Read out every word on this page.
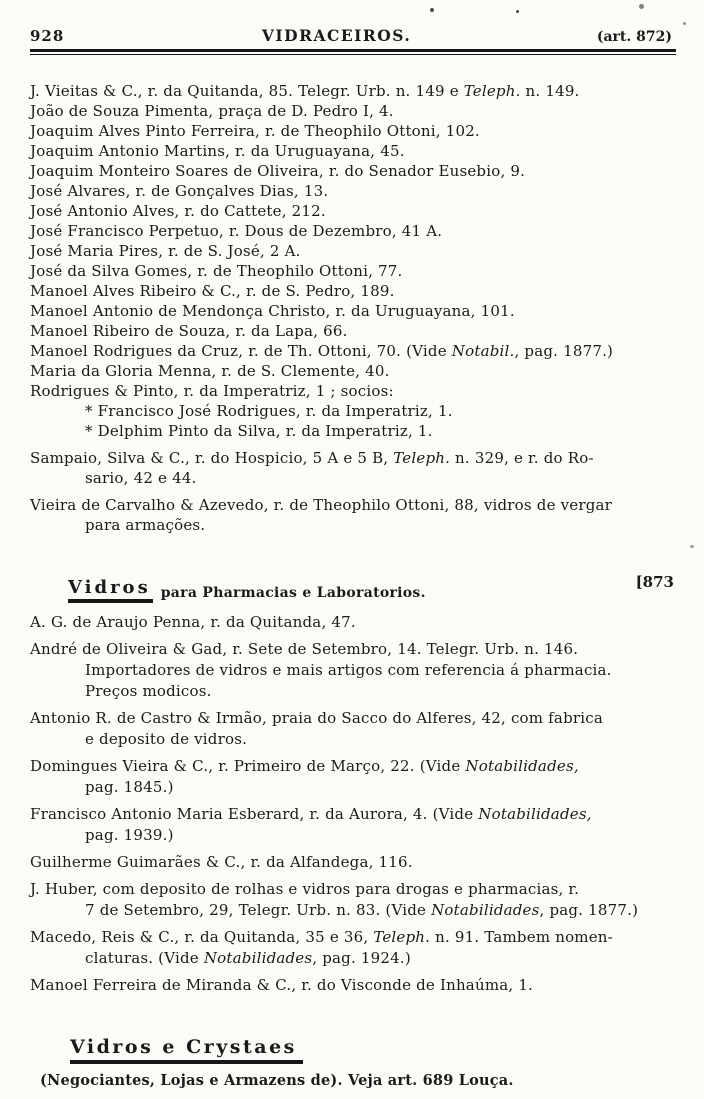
928	VIDRACEIROS.	(art. 872)

J. Vieitas & C., r. da Quitanda, 85. Telegr. Urb. n. 149 e Teleph. n. 149.

João de Souza Pimenta, praça de D. Pedro I, 4.

Joaquim Alves Pinto Ferreira, r. de Theophilo Ottoni, 102.

Joaquim Antonio Martins, r. da Uruguayana, 45.

Joaquim Monteiro Soares de Oliveira, r. do Senador Eusebio, 9.

José Alvares, r. de Gonçalves Dias, 13.

José Antonio Alves, r. do Cattete, 212.

José Francisco Perpetuo, r. Dous de Dezembro, 41 A.

José Maria Pires, r. de S. José, 2 A.

José da Silva Gomes, r. de Theophilo Ottoni, 77.

Manoel Alves Ribeiro & C., r. de S. Pedro, 189.

Manoel Antonio de Mendonça Christo, r. da Uruguayana, 101.

Manoel Ribeiro de Souza, r. da Lapa, 66.

Manoel Rodrigues da Cruz, r. de Th. Ottoni, 70. (Vide Notabil., pag. 1877.)

Maria da Gloria Menna, r. de S. Clemente, 40.

Rodrigues & Pinto, r. da Imperatriz, 1 ; socios:

* Francisco José Rodrigues, r. da Imperatriz, 1.

* Delphim Pinto da Silva, r. da Imperatriz, 1.

Sampaio, Silva & C., r. do Hospicio, 5 A e 5 B, Teleph. n. 329, e r. do Ro-
sario, 42 e 44.

Vieira de Carvalho & Azevedo, r. de Theophilo Ottoni, 88, vidros de vergar
para armações.

Vidros para Pharmacias e Laboratorios.
[873

A. G. de Araujo Penna, r. da Quitanda, 47.

André de Oliveira & Gad, r. Sete de Setembro, 14. Telegr. Urb. n. 146.
Importadores de vidros e mais artigos com referencia á pharmacia.
Preços modicos.

Antonio R. de Castro & Irmão, praia do Sacco do Alferes, 42, com fabrica
e deposito de vidros.

Domingues Vieira & C., r. Primeiro de Março, 22. (Vide Notabilidades,
pag. 1845.)

Francisco Antonio Maria Esberard, r. da Aurora, 4. (Vide Notabilidades,
pag. 1939.)

Guilherme Guimarães & C., r. da Alfandega, 116.

J. Huber, com deposito de rolhas e vidros para drogas e pharmacias, r.
7 de Setembro, 29, Telegr. Urb. n. 83. (Vide Notabilidades, pag. 1877.)

Macedo, Reis & C., r. da Quitanda, 35 e 36, Teleph. n. 91. Tambem nomen-
claturas. (Vide Notabilidades, pag. 1924.)

Manoel Ferreira de Miranda & C., r. do Visconde de Inhaúma, 1.

Vidros e Crystaes

(Negociantes, Lojas e Armazens de). Veja art. 689 Louça.
